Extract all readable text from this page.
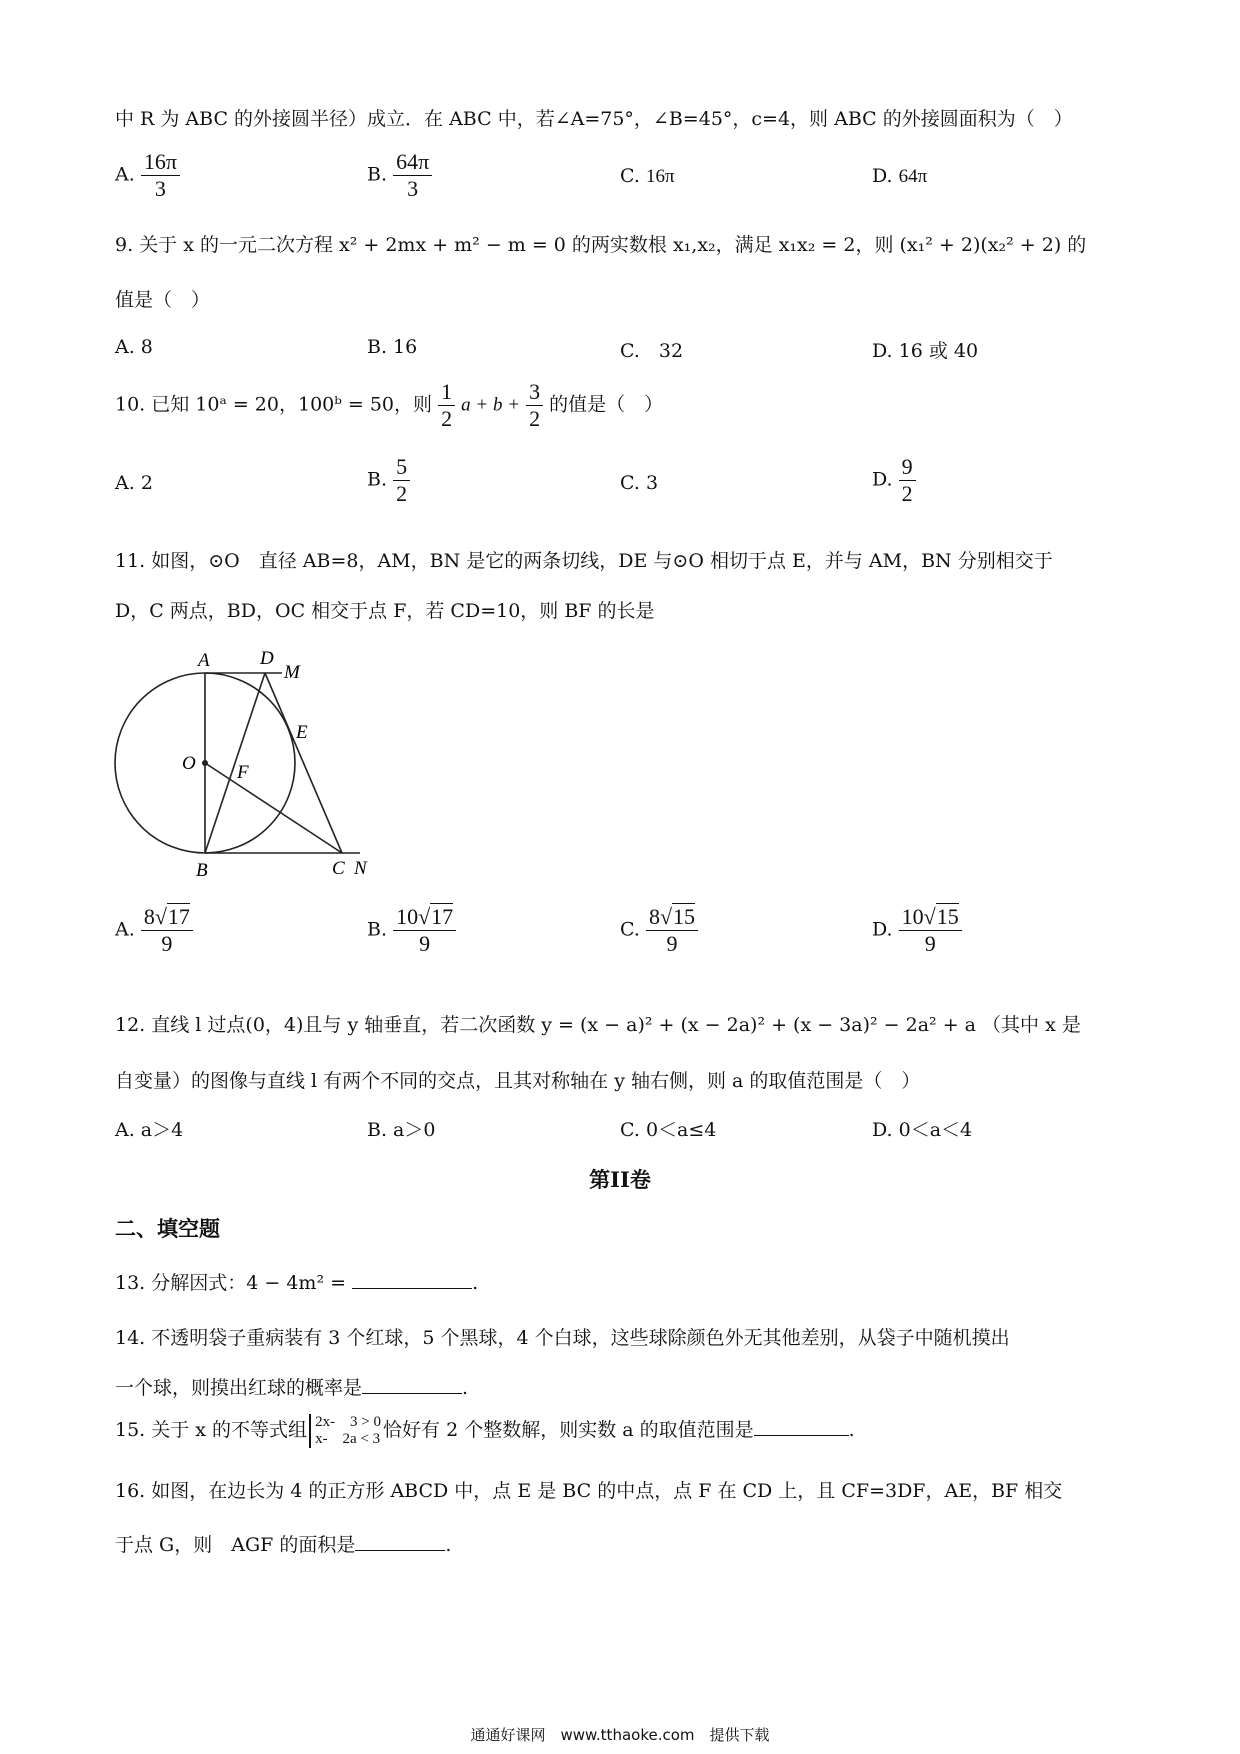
中 R 为 ABC 的外接圆半径）成立．在 ABC 中，若∠A=75°，∠B=45°，c=4，则 ABC 的外接圆面积为（　）
A. $\frac{16\pi}{3}$	B. $\frac{64\pi}{3}$	C. 16π	D. 64π
9. 关于 x 的一元二次方程 x² + 2mx + m² − m = 0 的两实数根 x₁,x₂，满足 x₁x₂ = 2，则 (x₁² + 2)(x₂² + 2) 的
值是（　）
A. 8	B. 16	C.　32	D. 16 或 40
10. 已知 10ᵃ = 20，100ᵇ = 50，则 $\frac{1}{2}$ $a + b + \frac{3}{2}$ 的值是（　）
A. 2	B. $\frac{5}{2}$	C. 3	D. $\frac{9}{2}$
11. 如图，⊙O　直径 AB=8，AM，BN 是它的两条切线，DE 与⊙O 相切于点 E，并与 AM，BN 分别相交于
D，C 两点，BD，OC 相交于点 F，若 CD=10，则 BF 的长是
A	D
M
E
O F
B	C N
A. $\frac{8√17}{9}$	B. $\frac{10√17}{9}$	C. $\frac{8√15}{9}$	D. $\frac{10√15}{9}$
12. 直线 l 过点(0，4)且与 y 轴垂直，若二次函数 y = (x − a)² + (x − 2a)² + (x − 3a)² − 2a² + a （其中 x 是
自变量）的图像与直线 l 有两个不同的交点，且其对称轴在 y 轴右侧，则 a 的取值范围是（　）
A. a＞4	B. a＞0	C. 0＜a≤4	D. 0＜a＜4
第II卷
二、填空题
13. 分解因式：4 − 4m² =	.
14. 不透明袋子重病装有 3 个红球，5 个黑球，4 个白球，这些球除颜色外无其他差别，从袋子中随机摸出
一个球，则摸出红球的概率是	.
15. 关于 x 的不等式组 2x-　3 > 0
x-　2a < 3 恰好有 2 个整数解，则实数 a 的取值范围是	.
16. 如图，在边长为 4 的正方形 ABCD 中，点 E 是 BC 的中点，点 F 在 CD 上，且 CF=3DF，AE，BF 相交
于点 G，则　AGF 的面积是	.
通通好课网　www.tthaoke.com　提供下载
